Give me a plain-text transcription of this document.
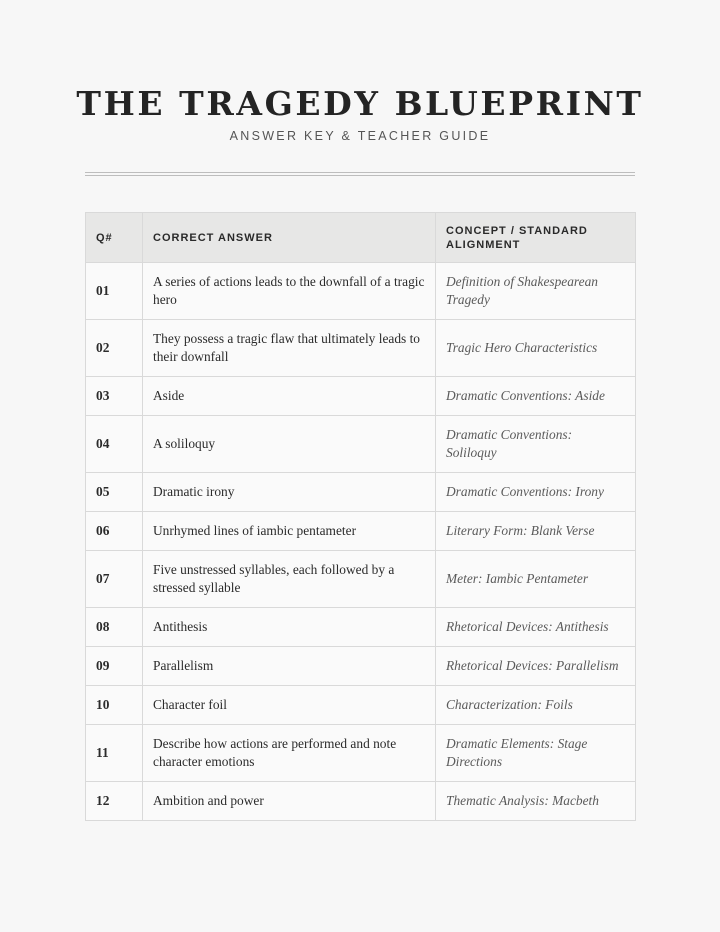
THE TRAGEDY BLUEPRINT
ANSWER KEY & TEACHER GUIDE
Q#	CORRECT ANSWER	CONCEPT / STANDARD ALIGNMENT
01	A series of actions leads to the downfall of a tragic hero	Definition of Shakespearean Tragedy
02	They possess a tragic flaw that ultimately leads to their downfall	Tragic Hero Characteristics
03	Aside	Dramatic Conventions: Aside
04	A soliloquy	Dramatic Conventions: Soliloquy
05	Dramatic irony	Dramatic Conventions: Irony
06	Unrhymed lines of iambic pentameter	Literary Form: Blank Verse
07	Five unstressed syllables, each followed by a stressed syllable	Meter: Iambic Pentameter
08	Antithesis	Rhetorical Devices: Antithesis
09	Parallelism	Rhetorical Devices: Parallelism
10	Character foil	Characterization: Foils
11	Describe how actions are performed and note character emotions	Dramatic Elements: Stage Directions
12	Ambition and power	Thematic Analysis: Macbeth
